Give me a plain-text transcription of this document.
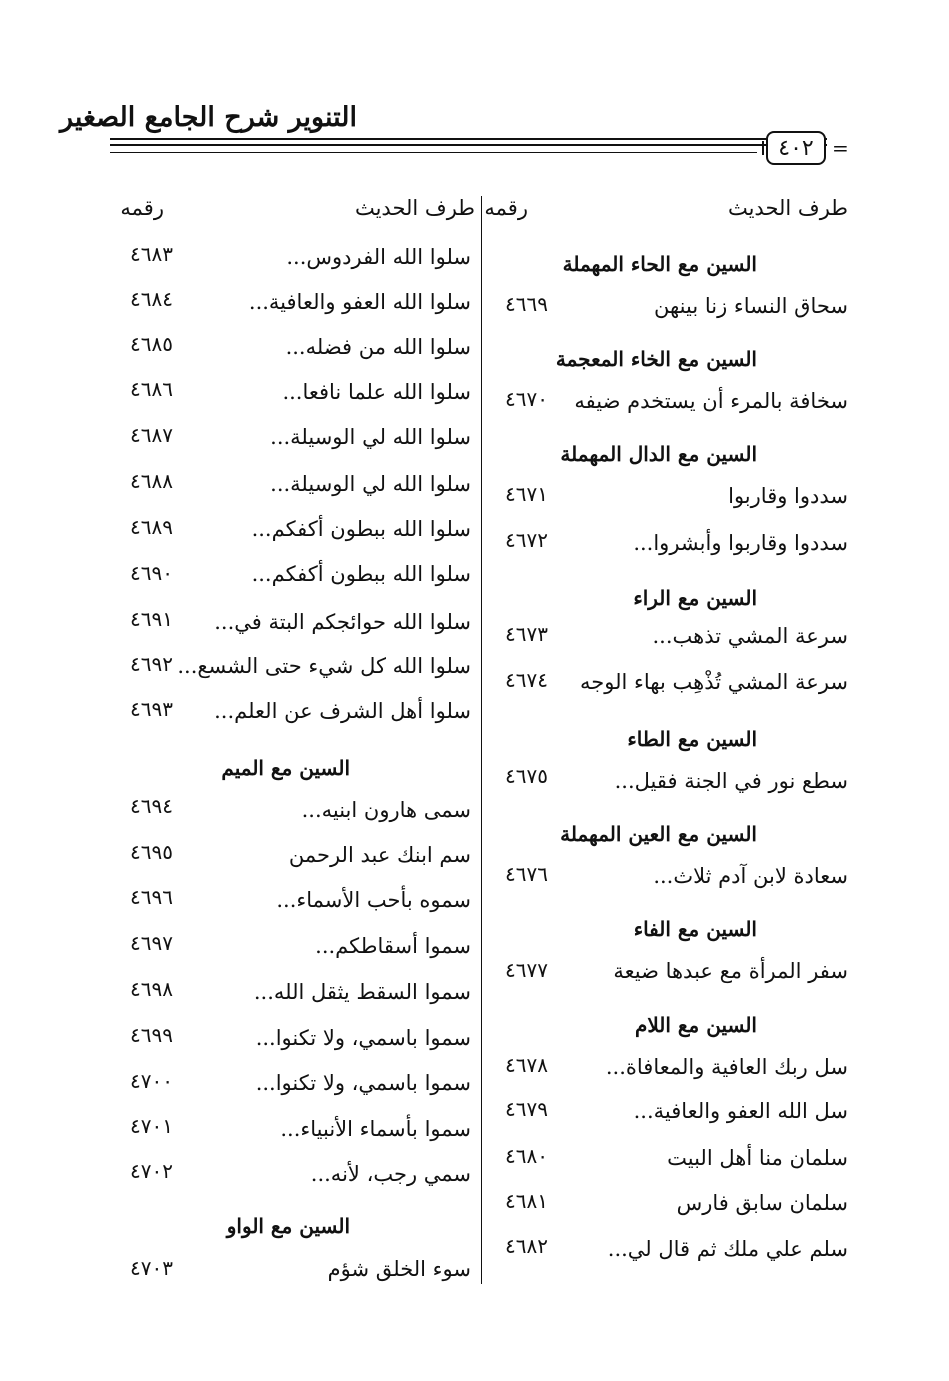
التنوير شرح الجامع الصغير
٤٠٢ =
طرف الحديث
رقمه
طرف الحديث
رقمه
السين مع الحاء المهملة
سحاق النساء زنا بينهن
٤٦٦٩
السين مع الخاء المعجمة
سخافة بالمرء أن يستخدم ضيفه
٤٦٧٠
السين مع الدال المهملة
سددوا وقاربوا
٤٦٧١
سددوا وقاربوا وأبشروا...
٤٦٧٢
السين مع الراء
سرعة المشي تذهب...
٤٦٧٣
سرعة المشي تُذْهِب بهاء الوجه
٤٦٧٤
السين مع الطاء
سطع نور في الجنة فقيل...
٤٦٧٥
السين مع العين المهملة
سعادة لابن آدم ثلاث...
٤٦٧٦
السين مع الفاء
سفر المرأة مع عبدها ضيعة
٤٦٧٧
السين مع اللام
سل ربك العافية والمعافاة...
٤٦٧٨
سل الله العفو والعافية...
٤٦٧٩
سلمان منا أهل البيت
٤٦٨٠
سلمان سابق فارس
٤٦٨١
سلم علي ملك ثم قال لي...
٤٦٨٢
سلوا الله الفردوس...
٤٦٨٣
سلوا الله العفو والعافية...
٤٦٨٤
سلوا الله من فضله...
٤٦٨٥
سلوا الله علما نافعا...
٤٦٨٦
سلوا الله لي الوسيلة...
٤٦٨٧
سلوا الله لي الوسيلة...
٤٦٨٨
سلوا الله ببطون أكفكم...
٤٦٨٩
سلوا الله ببطون أكفكم...
٤٦٩٠
سلوا الله حوائجكم البتة في...
٤٦٩١
سلوا الله كل شيء حتى الشسع...
٤٦٩٢
سلوا أهل الشرف عن العلم...
٤٦٩٣
السين مع الميم
سمى هارون ابنيه...
٤٦٩٤
سم ابنك عبد الرحمن
٤٦٩٥
سموه بأحب الأسماء...
٤٦٩٦
سموا أسقاطكم...
٤٦٩٧
سموا السقط يثقل الله...
٤٦٩٨
سموا باسمي، ولا تكنوا...
٤٦٩٩
سموا باسمي، ولا تكنوا...
٤٧٠٠
سموا بأسماء الأنبياء...
٤٧٠١
سمي رجب، لأنه...
٤٧٠٢
السين مع الواو
سوء الخلق شؤم
٤٧٠٣
